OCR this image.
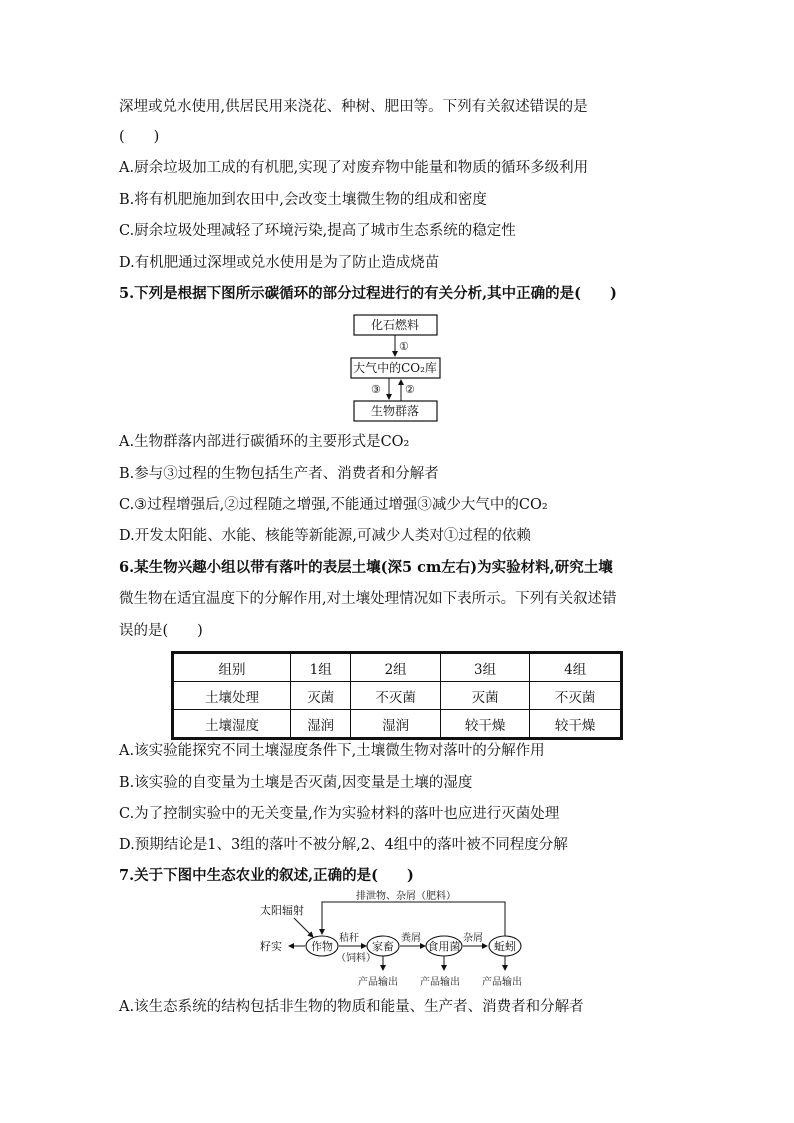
深埋或兑水使用,供居民用来浇花、种树、肥田等。下列有关叙述错误的是
(　　)
A.厨余垃圾加工成的有机肥,实现了对废弃物中能量和物质的循环多级利用
B.将有机肥施加到农田中,会改变土壤微生物的组成和密度
C.厨余垃圾处理减轻了环境污染,提高了城市生态系统的稳定性
D.有机肥通过深埋或兑水使用是为了防止造成烧苗
5.下列是根据下图所示碳循环的部分过程进行的有关分析,其中正确的是(　　)
化石燃料
①
大气中的CO₂库
③ ②
生物群落
A.生物群落内部进行碳循环的主要形式是CO₂
B.参与③过程的生物包括生产者、消费者和分解者
C.③过程增强后,②过程随之增强,不能通过增强③减少大气中的CO₂
D.开发太阳能、水能、核能等新能源,可减少人类对①过程的依赖
6.某生物兴趣小组以带有落叶的表层土壤(深5 cm左右)为实验材料,研究土壤
微生物在适宜温度下的分解作用,对土壤处理情况如下表所示。下列有关叙述错
误的是(　　)
组别	1组	2组	3组	4组
土壤处理	灭菌	不灭菌	灭菌	不灭菌
土壤湿度	湿润	湿润	较干燥	较干燥
A.该实验能探究不同土壤湿度条件下,土壤微生物对落叶的分解作用
B.该实验的自变量为土壤是否灭菌,因变量是土壤的湿度
C.为了控制实验中的无关变量,作为实验材料的落叶也应进行灭菌处理
D.预期结论是1、3组的落叶不被分解,2、4组中的落叶被不同程度分解
7.关于下图中生态农业的叙述,正确的是(　　)
太阳辐射
排泄物、杂屑（肥料）
作物
籽实
秸秆
（饲料）
家畜
粪屑
食用菌
杂屑
蚯蚓
产品输出 产品输出 产品输出
A.该生态系统的结构包括非生物的物质和能量、生产者、消费者和分解者
